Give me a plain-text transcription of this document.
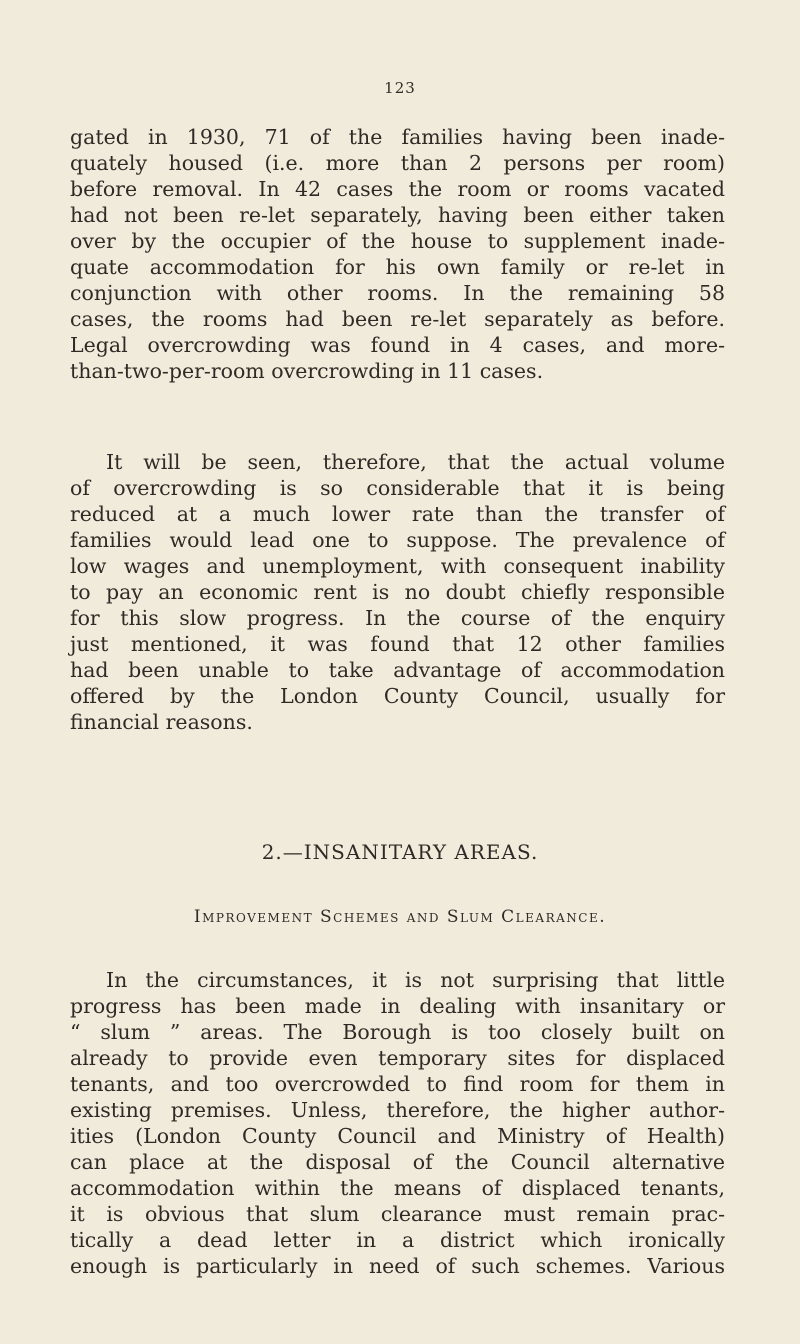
123
gated in 1930, 71 of the families having been inade-
quately housed (i.e. more than 2 persons per room)
before removal. In 42 cases the room or rooms vacated
had not been re-let separately, having been either taken
over by the occupier of the house to supplement inade-
quate accommodation for his own family or re-let in
conjunction with other rooms. In the remaining 58
cases, the rooms had been re-let separately as before.
Legal overcrowding was found in 4 cases, and more-
than-two-per-room overcrowding in 11 cases.
It will be seen, therefore, that the actual volume
of overcrowding is so considerable that it is being
reduced at a much lower rate than the transfer of
families would lead one to suppose. The prevalence of
low wages and unemployment, with consequent inability
to pay an economic rent is no doubt chiefly responsible
for this slow progress. In the course of the enquiry
just mentioned, it was found that 12 other families
had been unable to take advantage of accommodation
offered by the London County Council, usually for
financial reasons.
2.—INSANITARY AREAS.
Improvement Schemes and Slum Clearance.
In the circumstances, it is not surprising that little
progress has been made in dealing with insanitary or
“ slum ” areas. The Borough is too closely built on
already to provide even temporary sites for displaced
tenants, and too overcrowded to find room for them in
existing premises. Unless, therefore, the higher author-
ities (London County Council and Ministry of Health)
can place at the disposal of the Council alternative
accommodation within the means of displaced tenants,
it is obvious that slum clearance must remain prac-
tically a dead letter in a district which ironically
enough is particularly in need of such schemes. Various
